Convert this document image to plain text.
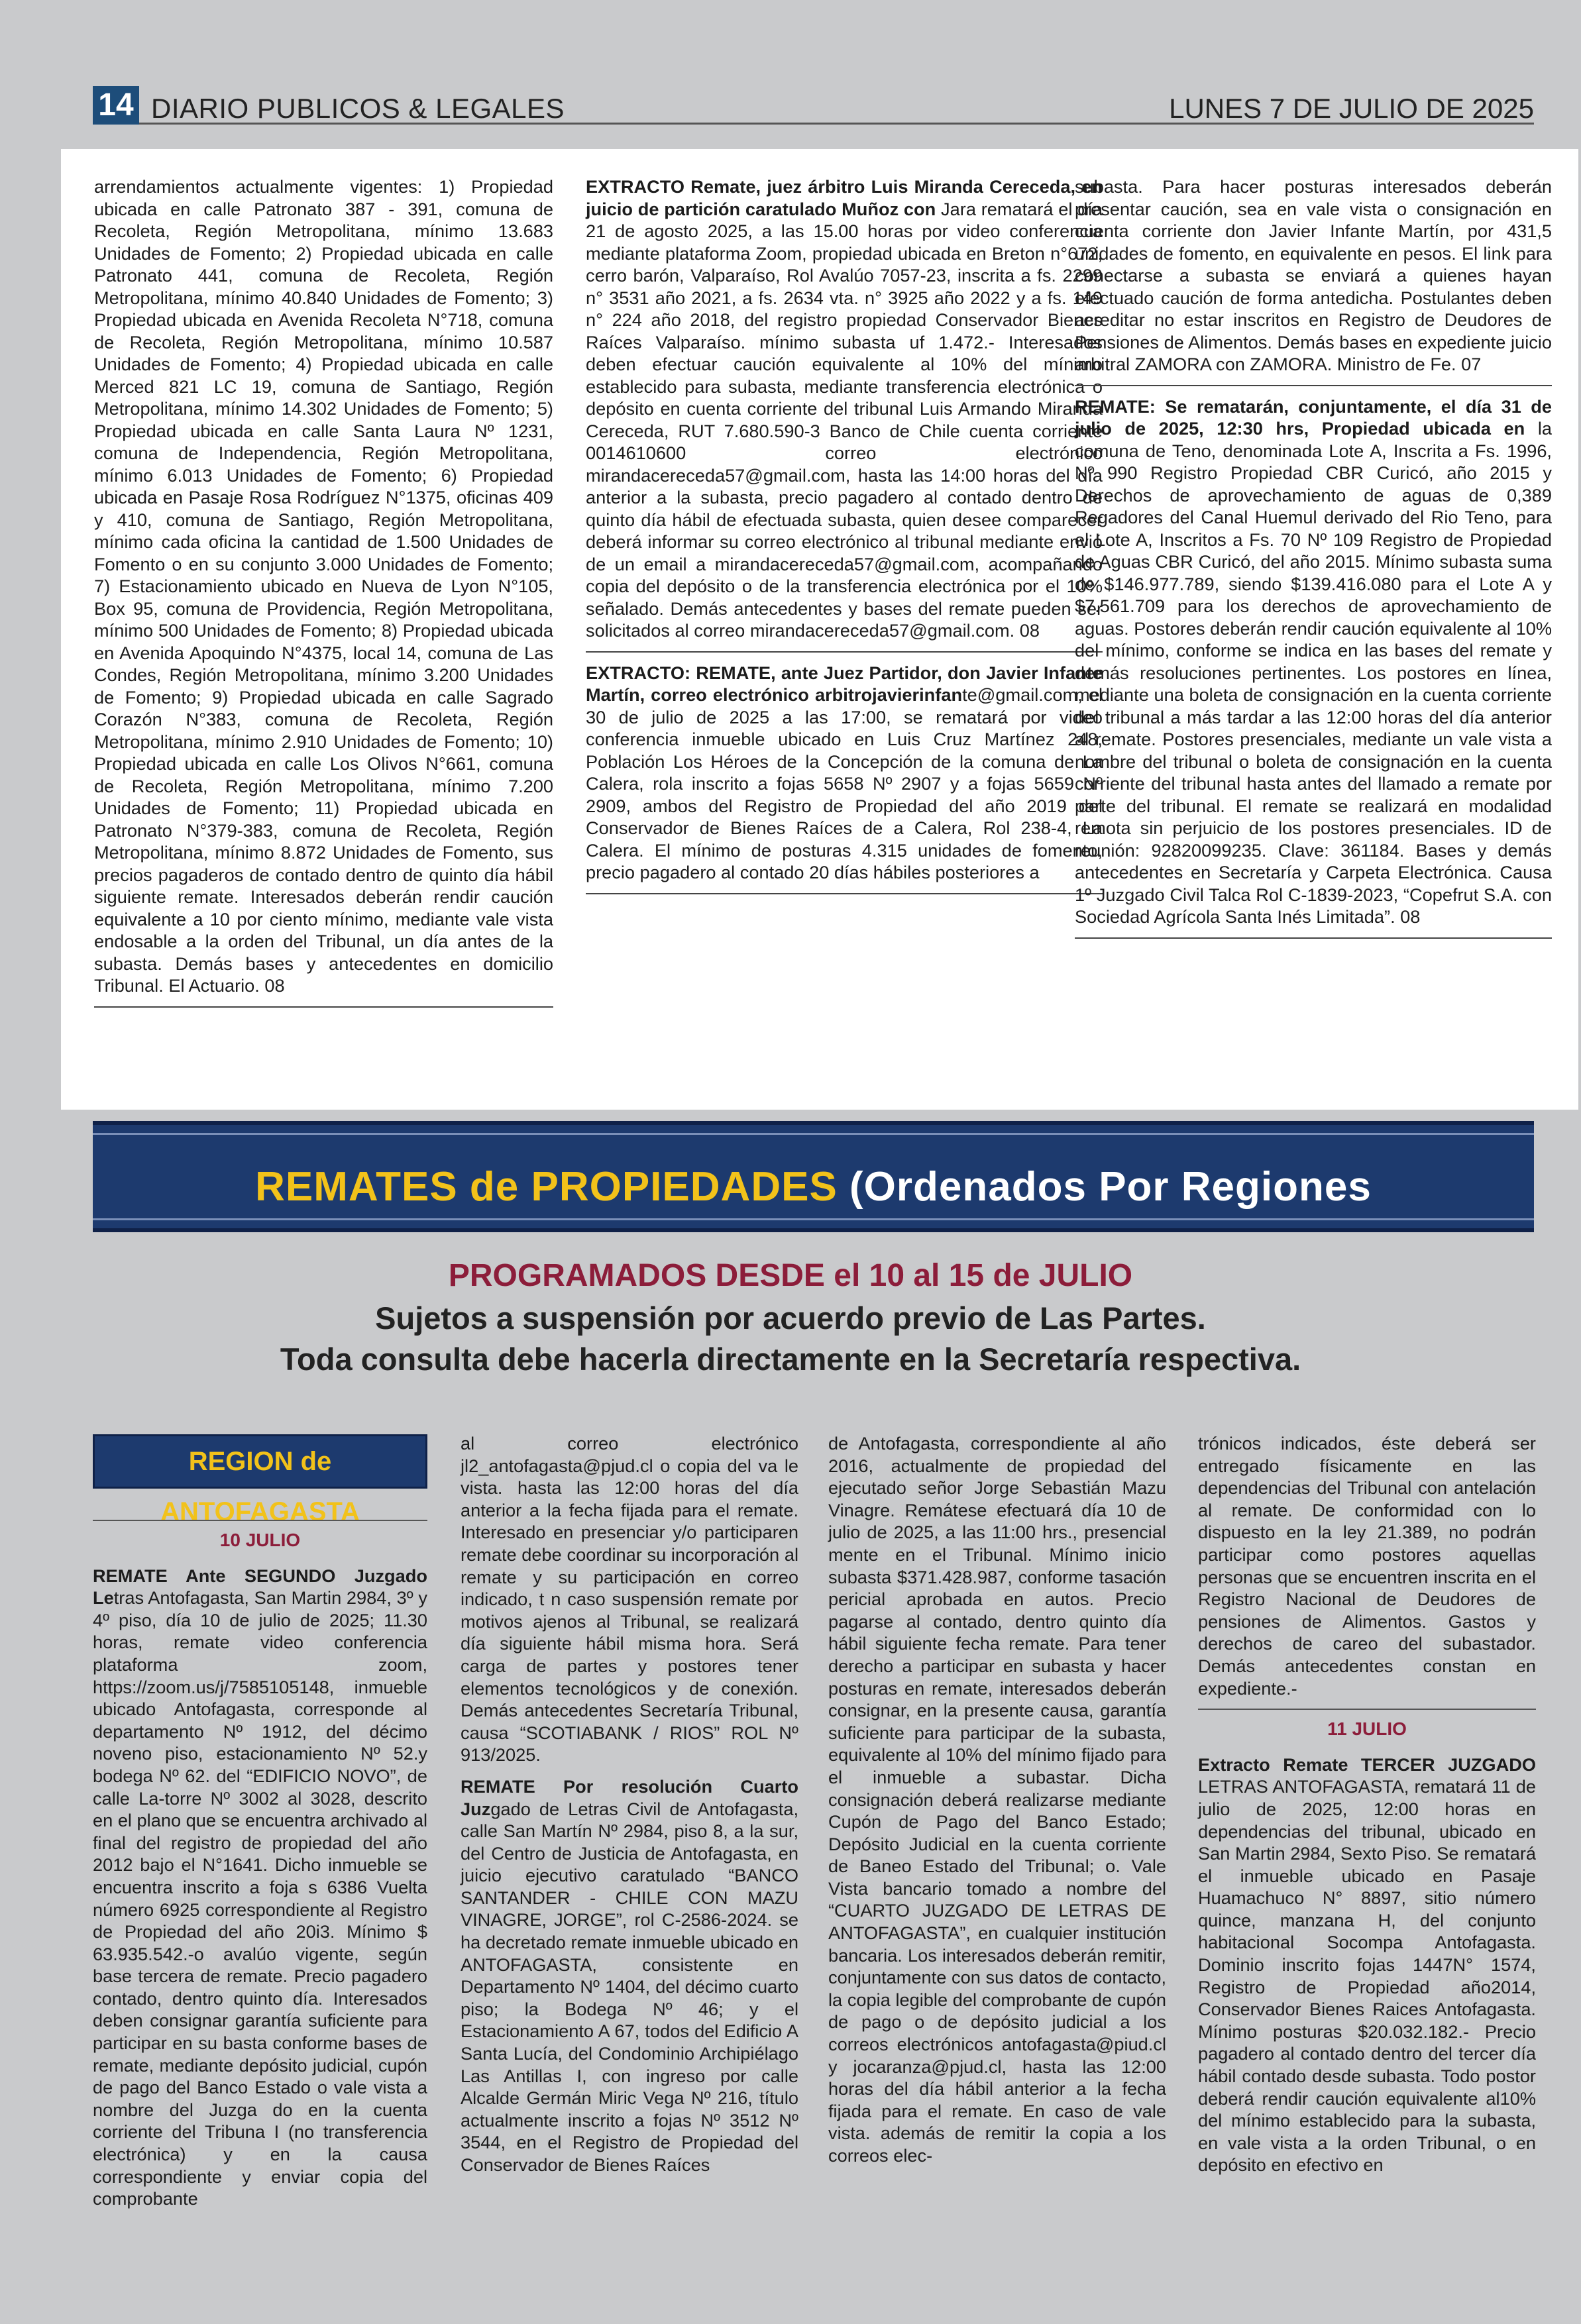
14 DIARIO PUBLICOS & LEGALES	LUNES 7 DE JULIO DE 2025

arrendamientos actualmente vigentes: 1) Propiedad ubicada en calle Patronato 387 - 391, comuna de Recoleta, Región Metropolitana, mínimo 13.683 Unidades de Fomento; 2) Propiedad ubicada en calle Patronato 441, comuna de Recoleta, Región Metropolitana, mínimo 40.840 Unidades de Fomento; 3) Propiedad ubicada en Avenida Recoleta N°718, comuna de Recoleta, Región Metropolitana, mínimo 10.587 Unidades de Fomento; 4) Propiedad ubicada en calle Merced 821 LC 19, comuna de Santiago, Región Metropolitana, mínimo 14.302 Unidades de Fomento; 5) Propiedad ubicada en calle Santa Laura Nº 1231, comuna de Independencia, Región Metropolitana, mínimo 6.013 Unidades de Fomento; 6) Propiedad ubicada en Pasaje Rosa Rodríguez N°1375, oficinas 409 y 410, comuna de Santiago, Región Metropolitana, mínimo cada oficina la cantidad de 1.500 Unidades de Fomento o en su conjunto 3.000 Unidades de Fomento; 7) Estacionamiento ubicado en Nueva de Lyon N°105, Box 95, comuna de Providencia, Región Metropolitana, mínimo 500 Unidades de Fomento; 8) Propiedad ubicada en Avenida Apoquindo N°4375, local 14, comuna de Las Condes, Región Metropolitana, mínimo 3.200 Unidades de Fomento; 9) Propiedad ubicada en calle Sagrado Corazón N°383, comuna de Recoleta, Región Metropolitana, mínimo 2.910 Unidades de Fomento; 10) Propiedad ubicada en calle Los Olivos N°661, comuna de Recoleta, Región Metropolitana, mínimo 7.200 Unidades de Fomento; 11) Propiedad ubicada en Patronato N°379-383, comuna de Recoleta, Región Metropolitana, mínimo 8.872 Unidades de Fomento, sus precios pagaderos de contado dentro de quinto día hábil siguiente remate. Interesados deberán rendir caución equivalente a 10 por ciento mínimo, mediante vale vista endosable a la orden del Tribunal, un día antes de la subasta. Demás bases y antecedentes en domicilio Tribunal. El Actuario. 08

EXTRACTO Remate, juez árbitro Luis Miranda Cereceda, en juicio de partición caratulado Muñoz con Jara rematará el día 21 de agosto 2025, a las 15.00 horas por video conferencia mediante plataforma Zoom, propiedad ubicada en Breton n°672, cerro barón, Valparaíso, Rol Avalúo 7057-23, inscrita a fs. 2299 n° 3531 año 2021, a fs. 2634 vta. n° 3925 año 2022 y a fs. 149 n° 224 año 2018, del registro propiedad Conservador Bienes Raíces Valparaíso. mínimo subasta uf 1.472.- Interesados deben efectuar caución equivalente al 10% del mínimo establecido para subasta, mediante transferencia electrónica o depósito en cuenta corriente del tribunal Luis Armando Miranda Cereceda, RUT 7.680.590-3 Banco de Chile cuenta corriente 0014610600 correo electrónico mirandacereceda57@gmail.com, hasta las 14:00 horas del día anterior a la subasta, precio pagadero al contado dentro de quinto día hábil de efectuada subasta, quien desee comparecer deberá informar su correo electrónico al tribunal mediante envió de un email a mirandacereceda57@gmail.com, acompañando copia del depósito o de la transferencia electrónica por el 10% señalado. Demás antecedentes y bases del remate pueden ser solicitados al correo mirandacereceda57@gmail.com. 08

EXTRACTO: REMATE, ante Juez Partidor, don Javier Infante Martín, correo electrónico arbitrojavierinfante@gmail.com, el 30 de julio de 2025 a las 17:00, se rematará por video conferencia inmueble ubicado en Luis Cruz Martínez 248, Población Los Héroes de la Concepción de la comuna de La Calera, rola inscrito a fojas 5658 Nº 2907 y a fojas 5659 Nº 2909, ambos del Registro de Propiedad del año 2019 del Conservador de Bienes Raíces de a Calera, Rol 238-4, La Calera. El mínimo de posturas 4.315 unidades de fomento, precio pagadero al contado 20 días hábiles posteriores a

subasta. Para hacer posturas interesados deberán presentar caución, sea en vale vista o consignación en cuenta corriente don Javier Infante Martín, por 431,5 unidades de fomento, en equivalente en pesos. El link para conectarse a subasta se enviará a quienes hayan efectuado caución de forma antedicha. Postulantes deben acreditar no estar inscritos en Registro de Deudores de Pensiones de Alimentos. Demás bases en expediente juicio arbitral ZAMORA con ZAMORA. Ministro de Fe. 07

REMATE: Se rematarán, conjuntamente, el día 31 de julio de 2025, 12:30 hrs, Propiedad ubicada en la comuna de Teno, denominada Lote A, Inscrita a Fs. 1996, Nº 990 Registro Propiedad CBR Curicó, año 2015 y Derechos de aprovechamiento de aguas de 0,389 Regadores del Canal Huemul derivado del Rio Teno, para el Lote A, Inscritos a Fs. 70 Nº 109 Registro de Propiedad de Aguas CBR Curicó, del año 2015. Mínimo subasta suma de $146.977.789, siendo $139.416.080 para el Lote A y $7.561.709 para los derechos de aprovechamiento de aguas. Postores deberán rendir caución equivalente al 10% del mínimo, conforme se indica en las bases del remate y demás resoluciones pertinentes. Los postores en línea, mediante una boleta de consignación en la cuenta corriente del tribunal a más tardar a las 12:00 horas del día anterior al remate. Postores presenciales, mediante un vale vista a nombre del tribunal o boleta de consignación en la cuenta corriente del tribunal hasta antes del llamado a remate por parte del tribunal. El remate se realizará en modalidad remota sin perjuicio de los postores presenciales. ID de reunión: 92820099235. Clave: 361184. Bases y demás antecedentes en Secretaría y Carpeta Electrónica. Causa 1º Juzgado Civil Talca Rol C-1839-2023, “Copefrut S.A. con Sociedad Agrícola Santa Inés Limitada”. 08

REMATES de PROPIEDADES (Ordenados Por Regiones
PROGRAMADOS DESDE el 10 al 15 de JULIO
Sujetos a suspensión por acuerdo previo de Las Partes.
Toda consulta debe hacerla directamente en la Secretaría respectiva.
REGION de ANTOFAGASTA
10 JULIO

REMATE Ante SEGUNDO Juzgado Letras Antofagasta, San Martin 2984, 3º y 4º piso, día 10 de julio de 2025; 11.30 horas, remate video conferencia plataforma zoom, https://zoom.us/j/7585105148, inmueble ubicado Antofagasta, corresponde al departamento Nº 1912, del décimo noveno piso, estacionamiento Nº 52.y bodega Nº 62. del “EDIFICIO NOVO”, de calle La-torre Nº 3002 al 3028, descrito en el plano que se encuentra archivado al final del registro de propiedad del año 2012 bajo el N°1641. Dicho inmueble se encuentra inscrito a foja s 6386 Vuelta número 6925 correspondiente al Registro de Propiedad del año 20i3. Mínimo $ 63.935.542.-o avalúo vigente, según base tercera de remate. Precio pagadero contado, dentro quinto día. Interesados deben consignar garantía suficiente para participar en su basta conforme bases de remate, mediante depósito judicial, cupón de pago del Banco Estado o vale vista a nombre del Juzga do en la cuenta corriente del Tribuna I (no transferencia electrónica) y en la causa correspondiente y enviar copia del comprobante

al correo electrónico jl2_antofagasta@pjud.cl o copia del va le vista. hasta las 12:00 horas del día anterior a la fecha fijada para el remate. Interesado en presenciar y/o participaren remate debe coordinar su incorporación al remate y su participación en correo indicado, t n caso suspensión remate por motivos ajenos al Tribunal, se realizará día siguiente hábil misma hora. Será carga de partes y postores tener elementos tecnológicos y de conexión. Demás antecedentes Secretaría Tribunal, causa “SCOTIABANK / RIOS” ROL Nº 913/2025.

REMATE Por resolución Cuarto Juzgado de Letras Civil de Antofagasta, calle San Martín Nº 2984, piso 8, a la sur, del Centro de Justicia de Antofagasta, en juicio ejecutivo caratulado “BANCO SANTANDER - CHILE CON MAZU VINAGRE, JORGE”, rol C-2586-2024. se ha decretado remate inmueble ubicado en ANTOFAGASTA, consistente en Departamento Nº 1404, del décimo cuarto piso; la Bodega Nº 46; y el Estacionamiento A 67, todos del Edificio A Santa Lucía, del Condominio Archipiélago Las Antillas I, con ingreso por calle Alcalde Germán Miric Vega Nº 216, título actualmente inscrito a fojas Nº 3512 Nº 3544, en el Registro de Propiedad del Conservador de Bienes Raíces

de Antofagasta, correspondiente al año 2016, actualmente de propiedad del ejecutado señor Jorge Sebastián Mazu Vinagre. Remátese efectuará día 10 de julio de 2025, a las 11:00 hrs., presencial mente en el Tribunal. Mínimo inicio subasta $371.428.987, conforme tasación pericial aprobada en autos. Precio pagarse al contado, dentro quinto día hábil siguiente fecha remate. Para tener derecho a participar en subasta y hacer posturas en remate, interesados deberán consignar, en la presente causa, garantía suficiente para participar de la subasta, equivalente al 10% del mínimo fijado para el inmueble a subastar. Dicha consignación deberá realizarse mediante Cupón de Pago del Banco Estado; Depósito Judicial en la cuenta corriente de Baneo Estado del Tribunal; o. Vale Vista bancario tomado a nombre del “CUARTO JUZGADO DE LETRAS DE ANTOFAGASTA”, en cualquier institución bancaria. Los interesados deberán remitir, conjuntamente con sus datos de contacto, la copia legible del comprobante de cupón de pago o de depósito judicial a los correos electrónicos antofagasta@piud.cl y jocaranza@pjud.cl, hasta las 12:00 horas del día hábil anterior a la fecha fijada para el remate. En caso de vale vista. además de remitir la copia a los correos elec-

trónicos indicados, éste deberá ser entregado físicamente en las dependencias del Tribunal con antelación al remate. De conformidad con lo dispuesto en la ley 21.389, no podrán participar como postores aquellas personas que se encuentren inscrita en el Registro Nacional de Deudores de pensiones de Alimentos. Gastos y derechos de careo del subastador. Demás antecedentes constan en expediente.-

11 JULIO

Extracto Remate TERCER JUZGADO LETRAS ANTOFAGASTA, rematará 11 de julio de 2025, 12:00 horas en dependencias del tribunal, ubicado en San Martin 2984, Sexto Piso. Se rematará el inmueble ubicado en Pasaje Huamachuco N° 8897, sitio número quince, manzana H, del conjunto habitacional Socompa Antofagasta. Dominio inscrito fojas 1447N° 1574, Registro de Propiedad año2014, Conservador Bienes Raices Antofagasta. Mínimo posturas $20.032.182.- Precio pagadero al contado dentro del tercer día hábil contado desde subasta. Todo postor deberá rendir caución equivalente al10% del mínimo establecido para la subasta, en vale vista a la orden Tribunal, o en depósito en efectivo en
